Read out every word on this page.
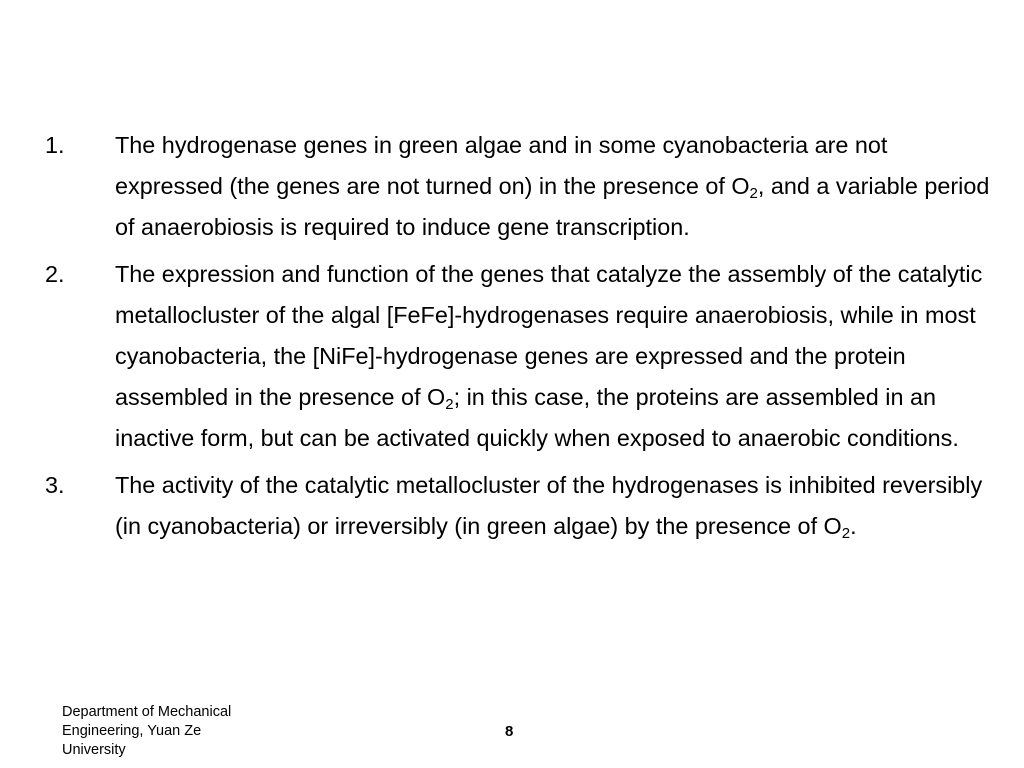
1.	The hydrogenase genes in green algae and in some cyanobacteria are not expressed (the genes are not turned on) in the presence of $O_2$, and a variable period of anaerobiosis is required to induce gene transcription.
2.	The expression and function of the genes that catalyze the assembly of the catalytic metallocluster of the algal [FeFe]-hydrogenases require anaerobiosis, while in most cyanobacteria, the [NiFe]-hydrogenase genes are expressed and the protein assembled in the presence of $O_2$; in this case, the proteins are assembled in an inactive form, but can be activated quickly when exposed to anaerobic conditions.
3.	The activity of the catalytic metallocluster of the hydrogenases is inhibited reversibly (in cyanobacteria) or irreversibly (in green algae) by the presence of $O_2$.
Department of Mechanical
Engineering, Yuan Ze
University
8
